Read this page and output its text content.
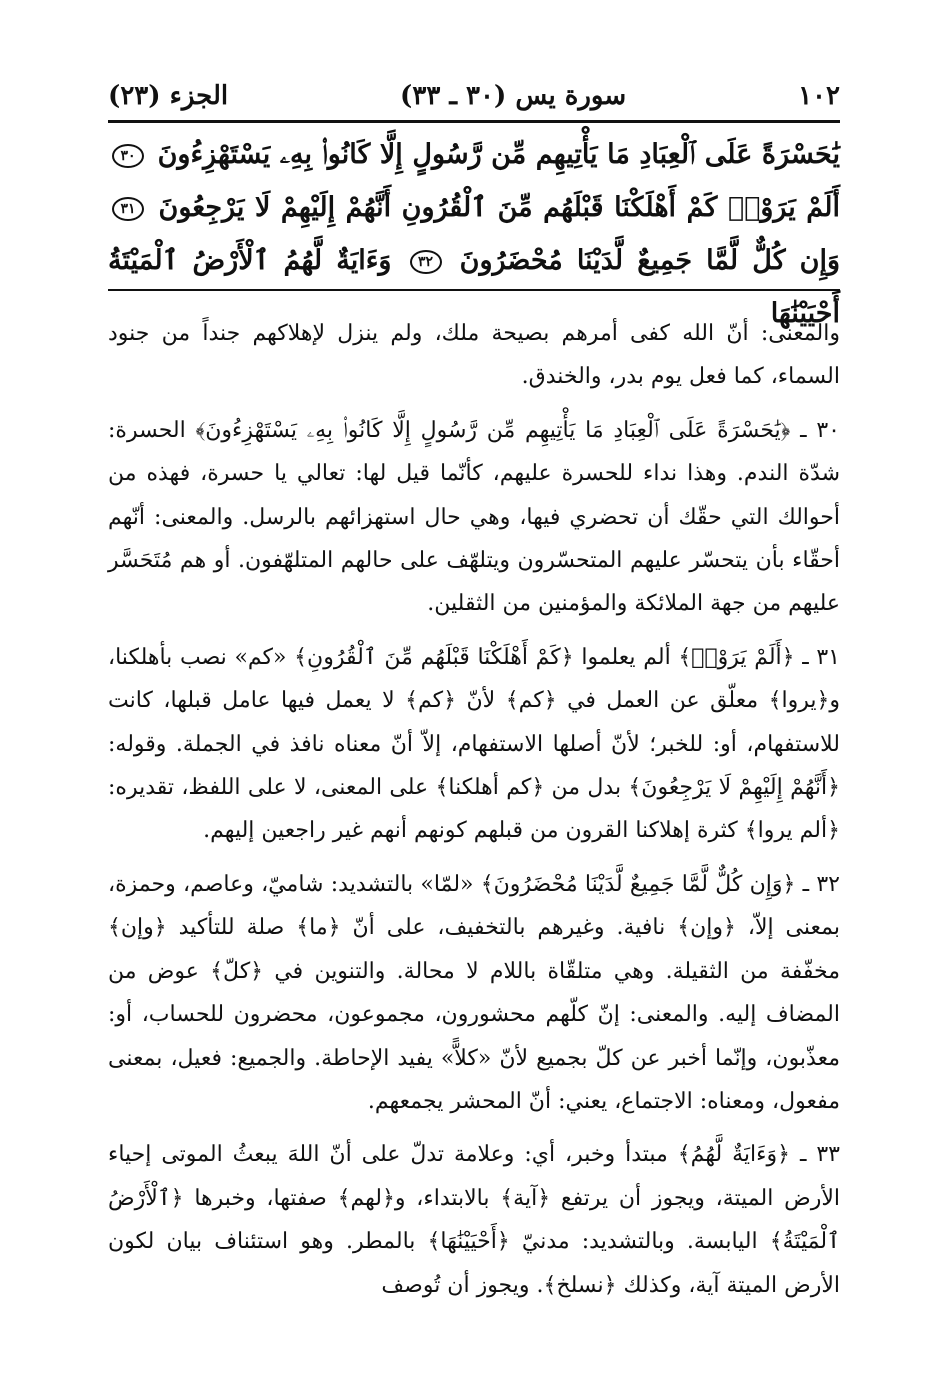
١٠٢
سورة يس (٣٠ ـ ٣٣)
الجزء (٢٣)
يَٰحَسْرَةً عَلَى ٱلْعِبَادِ مَا يَأْتِيهِم مِّن رَّسُولٍ إِلَّا كَانُوا۟ بِهِۦ يَسْتَهْزِءُونَ ٣٠ أَلَمْ يَرَوْا۟ كَمْ أَهْلَكْنَا قَبْلَهُم مِّنَ ٱلْقُرُونِ أَنَّهُمْ إِلَيْهِمْ لَا يَرْجِعُونَ ٣١ وَإِن كُلٌّ لَّمَّا جَمِيعٌ لَّدَيْنَا مُحْضَرُونَ ٣٢ وَءَايَةٌ لَّهُمُ ٱلْأَرْضُ ٱلْمَيْتَةُ أَحْيَيْنَٰهَا

والمعنى: أنّ الله كفى أمرهم بصيحة ملك، ولم ينزل لإهلاكهم جنداً من جنود السماء، كما فعل يوم بدر، والخندق.

٣٠ ـ ﴿يَٰحَسْرَةً عَلَى ٱلْعِبَادِ مَا يَأْتِيهِم مِّن رَّسُولٍ إِلَّا كَانُوا۟ بِهِۦ يَسْتَهْزِءُونَ﴾ الحسرة: شدّة الندم. وهذا نداء للحسرة عليهم، كأنّما قيل لها: تعالي يا حسرة، فهذه من أحوالك التي حقّك أن تحضري فيها، وهي حال استهزائهم بالرسل. والمعنى: أنّهم أحقّاء بأن يتحسّر عليهم المتحسّرون ويتلهّف على حالهم المتلهّفون. أو هم مُتَحَسَّر عليهم من جهة الملائكة والمؤمنين من الثقلين.

٣١ ـ ﴿أَلَمْ يَرَوْا۟﴾ ألم يعلموا ﴿كَمْ أَهْلَكْنَا قَبْلَهُم مِّنَ ٱلْقُرُونِ﴾ «كم» نصب بأهلكنا، و﴿يروا﴾ معلّق عن العمل في ﴿كم﴾ لأنّ ﴿كم﴾ لا يعمل فيها عامل قبلها، كانت للاستفهام، أو: للخبر؛ لأنّ أصلها الاستفهام، إلاّ أنّ معناه نافذ في الجملة. وقوله: ﴿أَنَّهُمْ إِلَيْهِمْ لَا يَرْجِعُونَ﴾ بدل من ﴿كم أهلكنا﴾ على المعنى، لا على اللفظ، تقديره: ﴿ألم يروا﴾ كثرة إهلاكنا القرون من قبلهم كونهم أنهم غير راجعين إليهم.

٣٢ ـ ﴿وَإِن كُلٌّ لَّمَّا جَمِيعٌ لَّدَيْنَا مُحْضَرُونَ﴾ «لمّا» بالتشديد: شاميّ، وعاصم، وحمزة، بمعنى إلاّ، ﴿وإن﴾ نافية. وغيرهم بالتخفيف، على أنّ ﴿ما﴾ صلة للتأكيد ﴿وإن﴾ مخفّفة من الثقيلة. وهي متلقّاة باللام لا محالة. والتنوين في ﴿كلّ﴾ عوض من المضاف إليه. والمعنى: إنّ كلّهم محشورون، مجموعون، محضرون للحساب، أو: معذّبون، وإنّما أخبر عن كلّ بجميع لأنّ «كلاًّ» يفيد الإحاطة. والجميع: فعيل، بمعنى مفعول، ومعناه: الاجتماع، يعني: أنّ المحشر يجمعهم.

٣٣ ـ ﴿وَءَايَةٌ لَّهُمُ﴾ مبتدأ وخبر، أي: وعلامة تدلّ على أنّ اللهَ يبعثُ الموتى إحياء الأرض الميتة، ويجوز أن يرتفع ﴿آية﴾ بالابتداء، و﴿لهم﴾ صفتها، وخبرها ﴿ٱلْأَرْضُ ٱلْمَيْتَةُ﴾ اليابسة. وبالتشديد: مدنيّ ﴿أَحْيَيْنَٰهَا﴾ بالمطر. وهو استئناف بيان لكون الأرض الميتة آية، وكذلك ﴿نسلخ﴾. ويجوز أن تُوصف
